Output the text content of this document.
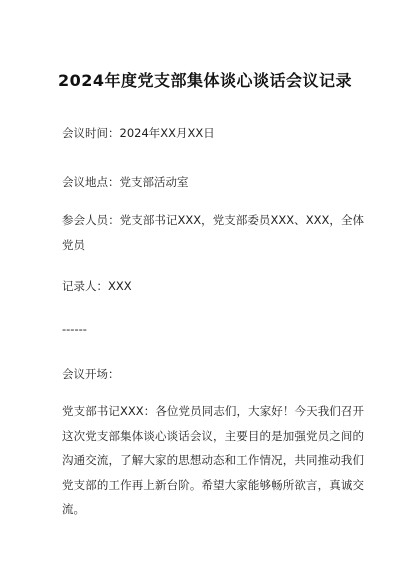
2024年度党支部集体谈心谈话会议记录
会议时间：2024年XX月XX日
会议地点：党支部活动室
参会人员：党支部书记XXX，党支部委员XXX、XXX，全体党员
记录人：XXX
------
会议开场：
党支部书记XXX：各位党员同志们，大家好！今天我们召开这次党支部集体谈心谈话会议，主要目的是加强党员之间的沟通交流，了解大家的思想动态和工作情况，共同推动我们党支部的工作再上新台阶。希望大家能够畅所欲言，真诚交流。
